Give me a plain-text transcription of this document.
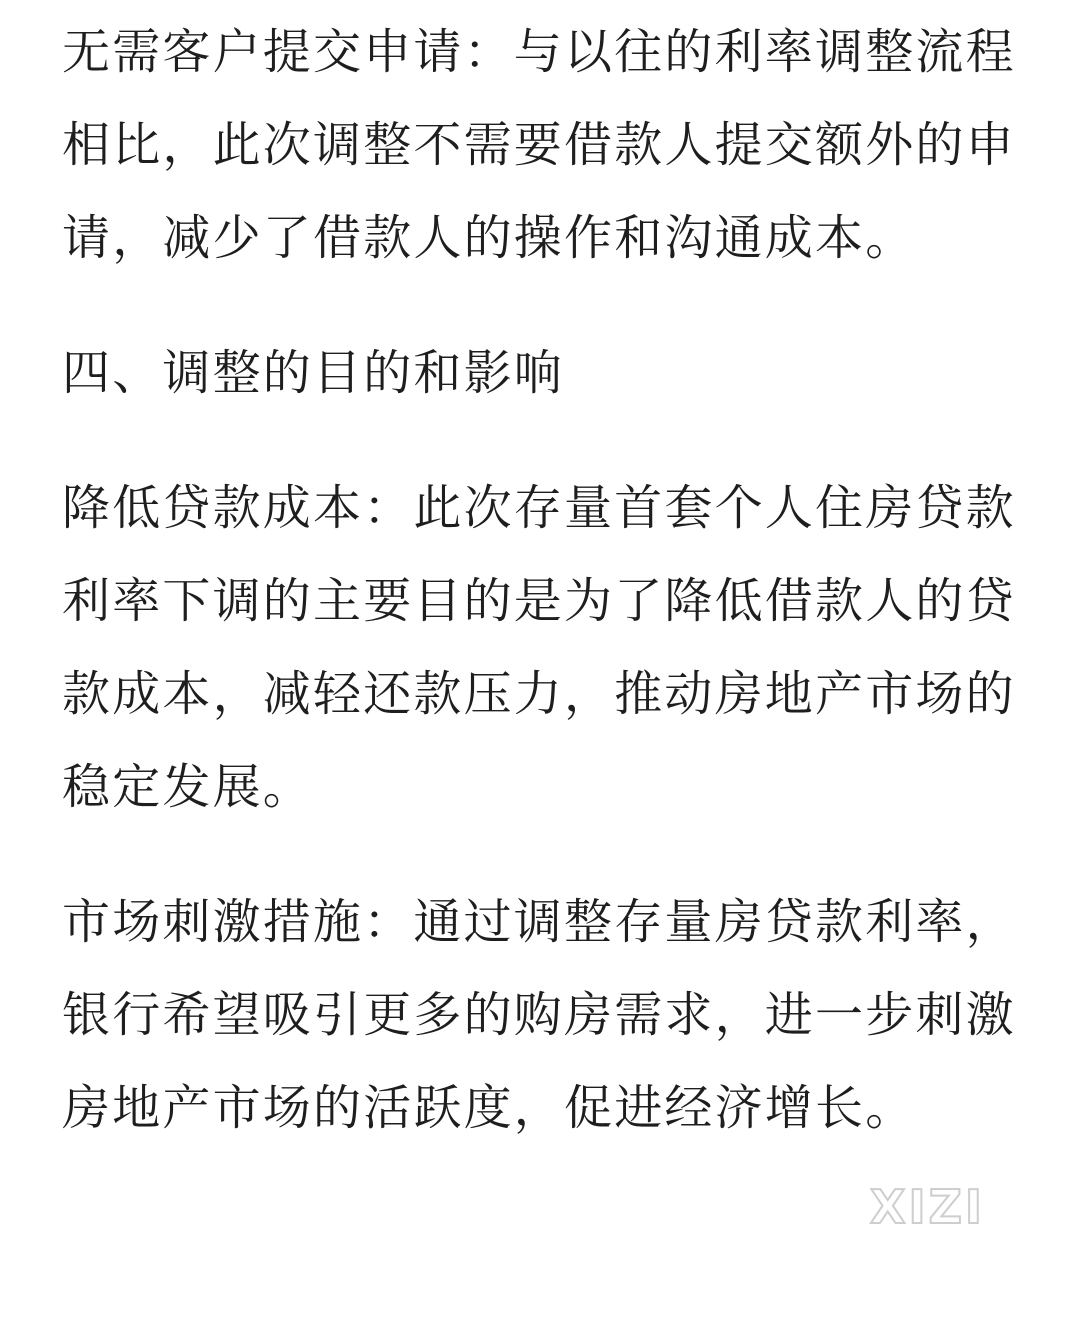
无需客户提交申请：与以往的利率调整流程相比，此次调整不需要借款人提交额外的申请，减少了借款人的操作和沟通成本。

四、调整的目的和影响

降低贷款成本：此次存量首套个人住房贷款利率下调的主要目的是为了降低借款人的贷款成本，减轻还款压力，推动房地产市场的稳定发展。

市场刺激措施：通过调整存量房贷款利率，银行希望吸引更多的购房需求，进一步刺激房地产市场的活跃度，促进经济增长。

XIZI
